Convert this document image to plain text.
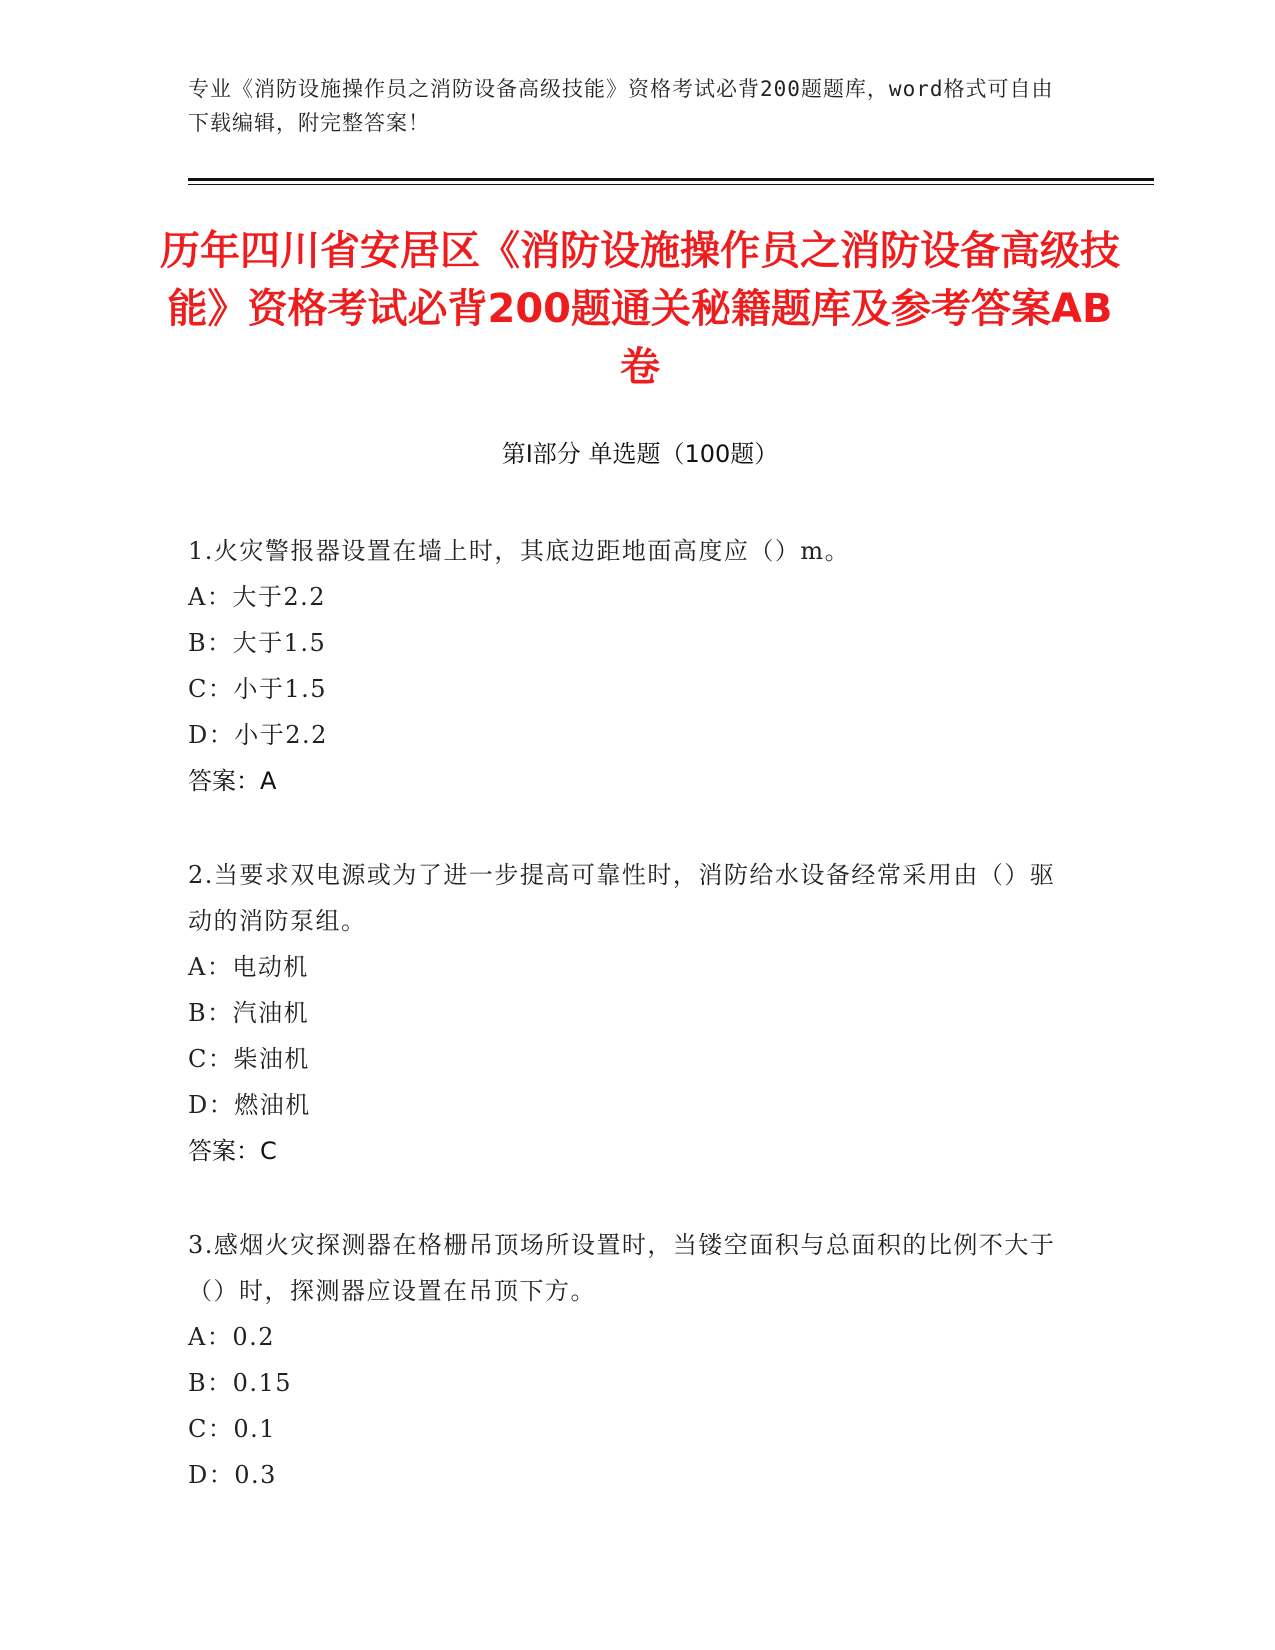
专业《消防设施操作员之消防设备高级技能》资格考试必背200题题库，word格式可自由下载编辑，附完整答案！
历年四川省安居区《消防设施操作员之消防设备高级技能》资格考试必背200题通关秘籍题库及参考答案AB卷
第Ⅰ部分 单选题（100题）
1.火灾警报器设置在墙上时，其底边距地面高度应（）m。
A：大于2.2
B：大于1.5
C：小于1.5
D：小于2.2
答案：A
2.当要求双电源或为了进一步提高可靠性时，消防给水设备经常采用由（）驱动的消防泵组。
A：电动机
B：汽油机
C：柴油机
D：燃油机
答案：C
3.感烟火灾探测器在格栅吊顶场所设置时，当镂空面积与总面积的比例不大于（）时，探测器应设置在吊顶下方。
A：0.2
B：0.15
C：0.1
D：0.3
